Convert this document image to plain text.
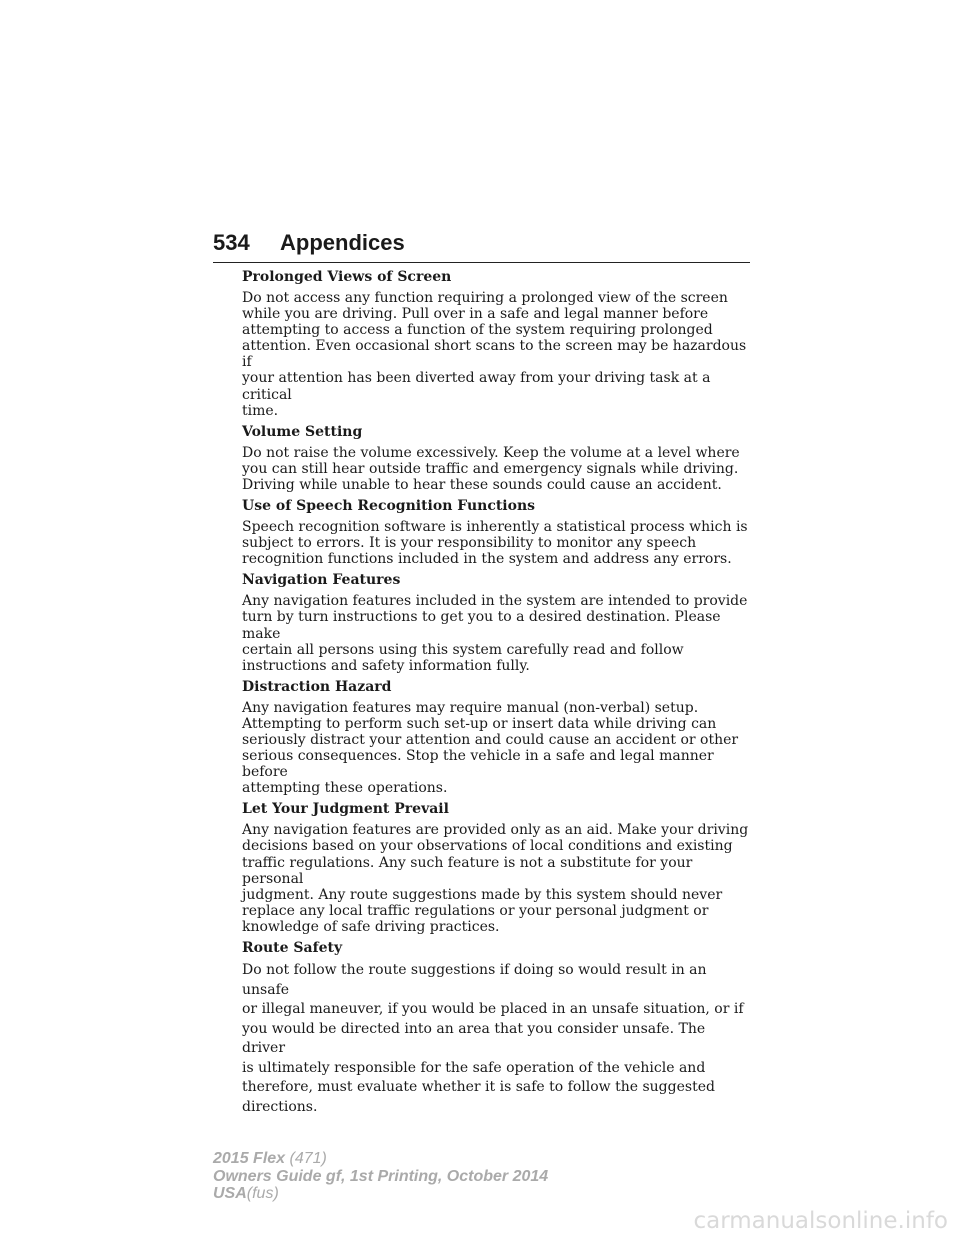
534 Appendices

Prolonged Views of Screen

Do not access any function requiring a prolonged view of the screen
while you are driving. Pull over in a safe and legal manner before
attempting to access a function of the system requiring prolonged
attention. Even occasional short scans to the screen may be hazardous if
your attention has been diverted away from your driving task at a critical
time.

Volume Setting

Do not raise the volume excessively. Keep the volume at a level where
you can still hear outside traffic and emergency signals while driving.
Driving while unable to hear these sounds could cause an accident.

Use of Speech Recognition Functions

Speech recognition software is inherently a statistical process which is
subject to errors. It is your responsibility to monitor any speech
recognition functions included in the system and address any errors.

Navigation Features

Any navigation features included in the system are intended to provide
turn by turn instructions to get you to a desired destination. Please make
certain all persons using this system carefully read and follow
instructions and safety information fully.

Distraction Hazard

Any navigation features may require manual (non-verbal) setup.
Attempting to perform such set-up or insert data while driving can
seriously distract your attention and could cause an accident or other
serious consequences. Stop the vehicle in a safe and legal manner before
attempting these operations.

Let Your Judgment Prevail

Any navigation features are provided only as an aid. Make your driving
decisions based on your observations of local conditions and existing
traffic regulations. Any such feature is not a substitute for your personal
judgment. Any route suggestions made by this system should never
replace any local traffic regulations or your personal judgment or
knowledge of safe driving practices.

Route Safety

Do not follow the route suggestions if doing so would result in an unsafe
or illegal maneuver, if you would be placed in an unsafe situation, or if
you would be directed into an area that you consider unsafe. The driver
is ultimately responsible for the safe operation of the vehicle and
therefore, must evaluate whether it is safe to follow the suggested
directions.

2015 Flex (471)
Owners Guide gf, 1st Printing, October 2014
USA(fus)
carmanualsonline.info
